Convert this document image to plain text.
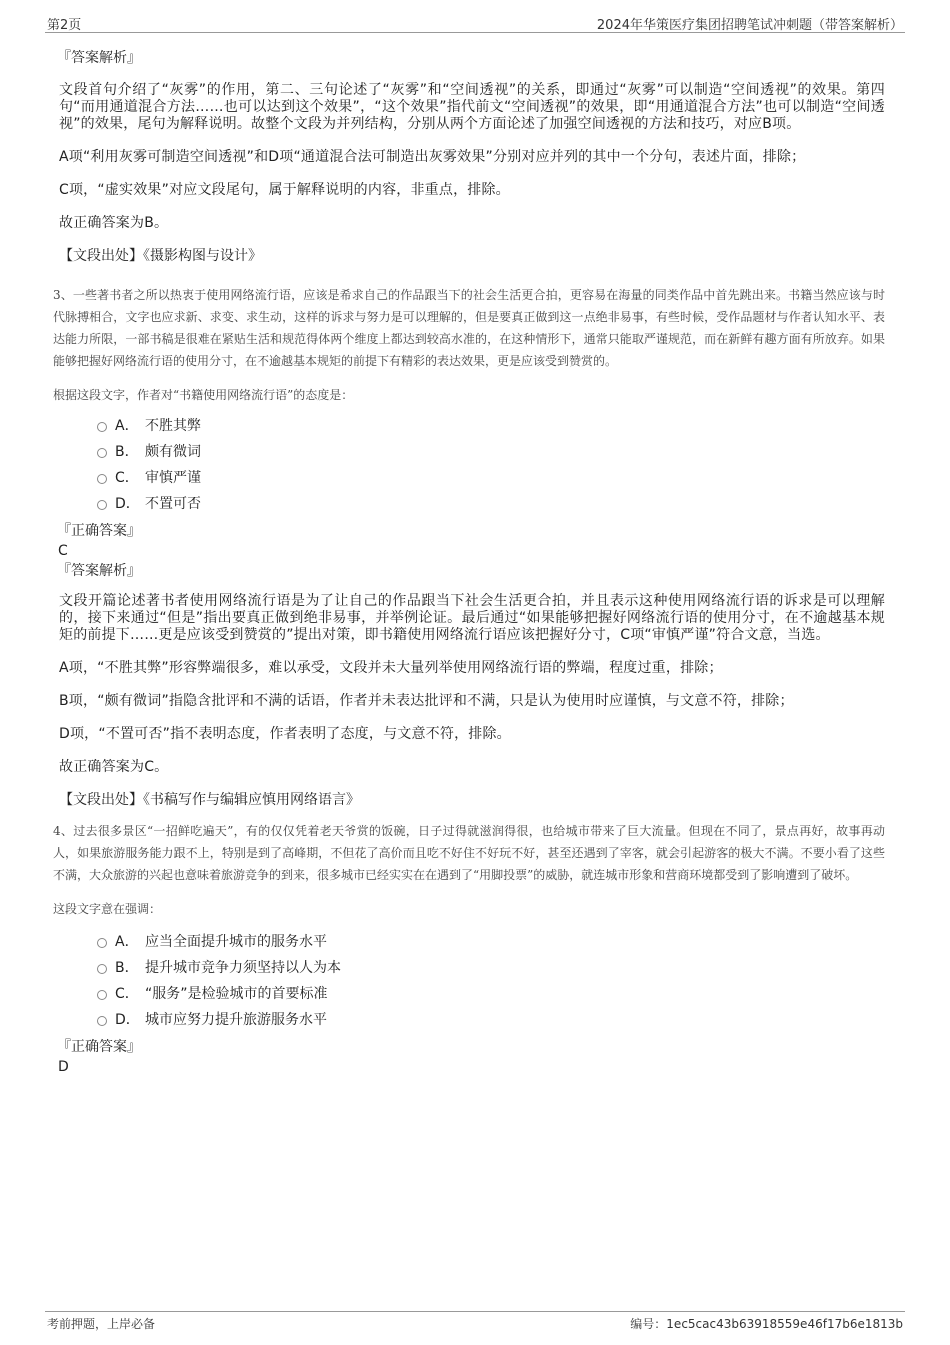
第2页	2024年华策医疗集团招聘笔试冲刺题（带答案解析）

『答案解析』

文段首句介绍了“灰雾”的作用，第二、三句论述了“灰雾”和“空间透视”的关系，即通过“灰雾”可以制造“空间透视”的效果。第四句“而用通道混合方法……也可以达到这个效果”，“这个效果”指代前文“空间透视”的效果，即“用通道混合方法”也可以制造“空间透视”的效果，尾句为解释说明。故整个文段为并列结构，分别从两个方面论述了加强空间透视的方法和技巧，对应B项。

A项“利用灰雾可制造空间透视”和D项“通道混合法可制造出灰雾效果”分别对应并列的其中一个分句，表述片面，排除；

C项，“虚实效果”对应文段尾句，属于解释说明的内容，非重点，排除。

故正确答案为B。

【文段出处】《摄影构图与设计》

3、一些著书者之所以热衷于使用网络流行语，应该是希求自己的作品跟当下的社会生活更合拍，更容易在海量的同类作品中首先跳出来。书籍当然应该与时代脉搏相合，文字也应求新、求变、求生动，这样的诉求与努力是可以理解的，但是要真正做到这一点绝非易事，有些时候，受作品题材与作者认知水平、表达能力所限，一部书稿是很难在紧贴生活和规范得体两个维度上都达到较高水准的，在这种情形下，通常只能取严谨规范，而在新鲜有趣方面有所放弃。如果能够把握好网络流行语的使用分寸，在不逾越基本规矩的前提下有精彩的表达效果，更是应该受到赞赏的。

根据这段文字，作者对“书籍使用网络流行语”的态度是：

A． 不胜其弊
B． 颇有微词
C． 审慎严谨
D． 不置可否

『正确答案』

C

『答案解析』

文段开篇论述著书者使用网络流行语是为了让自己的作品跟当下社会生活更合拍，并且表示这种使用网络流行语的诉求是可以理解的，接下来通过“但是”指出要真正做到绝非易事，并举例论证。最后通过“如果能够把握好网络流行语的使用分寸，在不逾越基本规矩的前提下……更是应该受到赞赏的”提出对策，即书籍使用网络流行语应该把握好分寸，C项“审慎严谨”符合文意，当选。

A项，“不胜其弊”形容弊端很多，难以承受，文段并未大量列举使用网络流行语的弊端，程度过重，排除；

B项，“颇有微词”指隐含批评和不满的话语，作者并未表达批评和不满，只是认为使用时应谨慎，与文意不符，排除；

D项，“不置可否”指不表明态度，作者表明了态度，与文意不符，排除。

故正确答案为C。

【文段出处】《书稿写作与编辑应慎用网络语言》

4、过去很多景区“一招鲜吃遍天”，有的仅仅凭着老天爷赏的饭碗，日子过得就滋润得很，也给城市带来了巨大流量。但现在不同了，景点再好，故事再动人，如果旅游服务能力跟不上，特别是到了高峰期，不但花了高价而且吃不好住不好玩不好，甚至还遇到了宰客，就会引起游客的极大不满。不要小看了这些不满，大众旅游的兴起也意味着旅游竞争的到来，很多城市已经实实在在遇到了“用脚投票”的威胁，就连城市形象和营商环境都受到了影响遭到了破坏。

这段文字意在强调：

A． 应当全面提升城市的服务水平
B． 提升城市竞争力须坚持以人为本
C． “服务”是检验城市的首要标准
D． 城市应努力提升旅游服务水平

『正确答案』

D

考前押题，上岸必备	编号：1ec5cac43b63918559e46f17b6e1813b
